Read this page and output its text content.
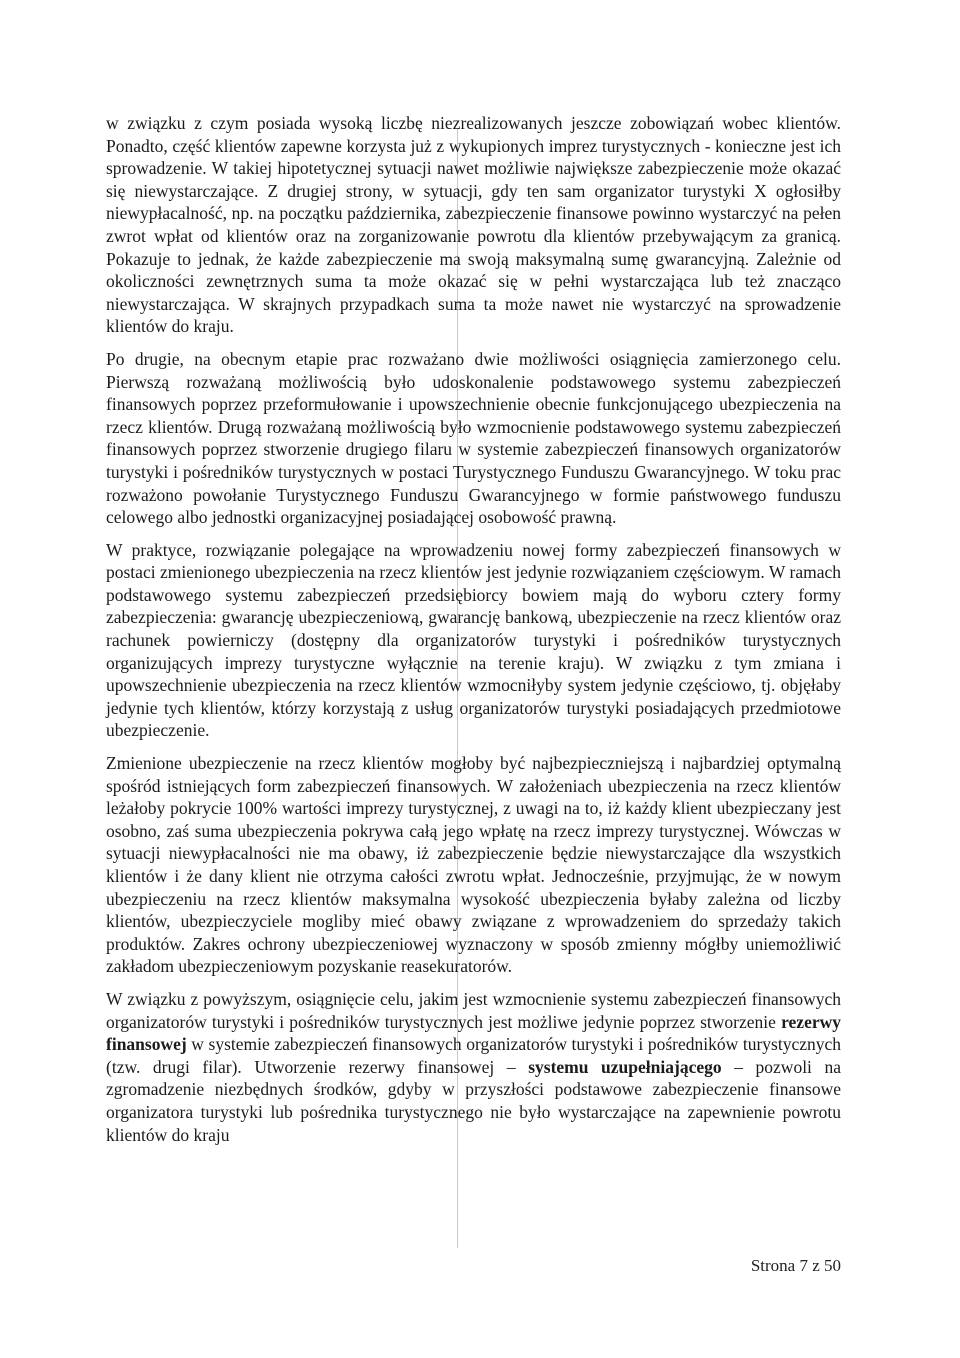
w związku z czym posiada wysoką liczbę niezrealizowanych jeszcze zobowiązań wobec klientów. Ponadto, część klientów zapewne korzysta już z wykupionych imprez turystycznych - konieczne jest ich sprowadzenie. W takiej hipotetycznej sytuacji nawet możliwie największe zabezpieczenie może okazać się niewystarczające. Z drugiej strony, w sytuacji, gdy ten sam organizator turystyki X ogłosiłby niewypłacalność, np. na początku października, zabezpieczenie finansowe powinno wystarczyć na pełen zwrot wpłat od klientów oraz na zorganizowanie powrotu dla klientów przebywającym za granicą. Pokazuje to jednak, że każde zabezpieczenie ma swoją maksymalną sumę gwarancyjną. Zależnie od okoliczności zewnętrznych suma ta może okazać się w pełni wystarczająca lub też znacząco niewystarczająca. W skrajnych przypadkach suma ta może nawet nie wystarczyć na sprowadzenie klientów do kraju.

Po drugie, na obecnym etapie prac rozważano dwie możliwości osiągnięcia zamierzonego celu. Pierwszą rozważaną możliwością było udoskonalenie podstawowego systemu zabezpieczeń finansowych poprzez przeformułowanie i upowszechnienie obecnie funkcjonującego ubezpieczenia na rzecz klientów. Drugą rozważaną możliwością było wzmocnienie podstawowego systemu zabezpieczeń finansowych poprzez stworzenie drugiego filaru w systemie zabezpieczeń finansowych organizatorów turystyki i pośredników turystycznych w postaci Turystycznego Funduszu Gwarancyjnego. W toku prac rozważono powołanie Turystycznego Funduszu Gwarancyjnego w formie państwowego funduszu celowego albo jednostki organizacyjnej posiadającej osobowość prawną.

W praktyce, rozwiązanie polegające na wprowadzeniu nowej formy zabezpieczeń finansowych w postaci zmienionego ubezpieczenia na rzecz klientów jest jedynie rozwiązaniem częściowym. W ramach podstawowego systemu zabezpieczeń przedsiębiorcy bowiem mają do wyboru cztery formy zabezpieczenia: gwarancję ubezpieczeniową, gwarancję bankową, ubezpieczenie na rzecz klientów oraz rachunek powierniczy (dostępny dla organizatorów turystyki i pośredników turystycznych organizujących imprezy turystyczne wyłącznie na terenie kraju). W związku z tym zmiana i upowszechnienie ubezpieczenia na rzecz klientów wzmocniłyby system jedynie częściowo, tj. objęłaby jedynie tych klientów, którzy korzystają z usług organizatorów turystyki posiadających przedmiotowe ubezpieczenie.

Zmienione ubezpieczenie na rzecz klientów mogłoby być najbezpieczniejszą i najbardziej optymalną spośród istniejących form zabezpieczeń finansowych. W założeniach ubezpieczenia na rzecz klientów leżałoby pokrycie 100% wartości imprezy turystycznej, z uwagi na to, iż każdy klient ubezpieczany jest osobno, zaś suma ubezpieczenia pokrywa całą jego wpłatę na rzecz imprezy turystycznej. Wówczas w sytuacji niewypłacalności nie ma obawy, iż zabezpieczenie będzie niewystarczające dla wszystkich klientów i że dany klient nie otrzyma całości zwrotu wpłat. Jednocześnie, przyjmując, że w nowym ubezpieczeniu na rzecz klientów maksymalna wysokość ubezpieczenia byłaby zależna od liczby klientów, ubezpieczyciele mogliby mieć obawy związane z wprowadzeniem do sprzedaży takich produktów. Zakres ochrony ubezpieczeniowej wyznaczony w sposób zmienny mógłby uniemożliwić zakładom ubezpieczeniowym pozyskanie reasekuratorów.

W związku z powyższym, osiągnięcie celu, jakim jest wzmocnienie systemu zabezpieczeń finansowych organizatorów turystyki i pośredników turystycznych jest możliwe jedynie poprzez stworzenie rezerwy finansowej w systemie zabezpieczeń finansowych organizatorów turystyki i pośredników turystycznych (tzw. drugi filar). Utworzenie rezerwy finansowej – systemu uzupełniającego – pozwoli na zgromadzenie niezbędnych środków, gdyby w przyszłości podstawowe zabezpieczenie finansowe organizatora turystyki lub pośrednika turystycznego nie było wystarczające na zapewnienie powrotu klientów do kraju

Strona 7 z 50
